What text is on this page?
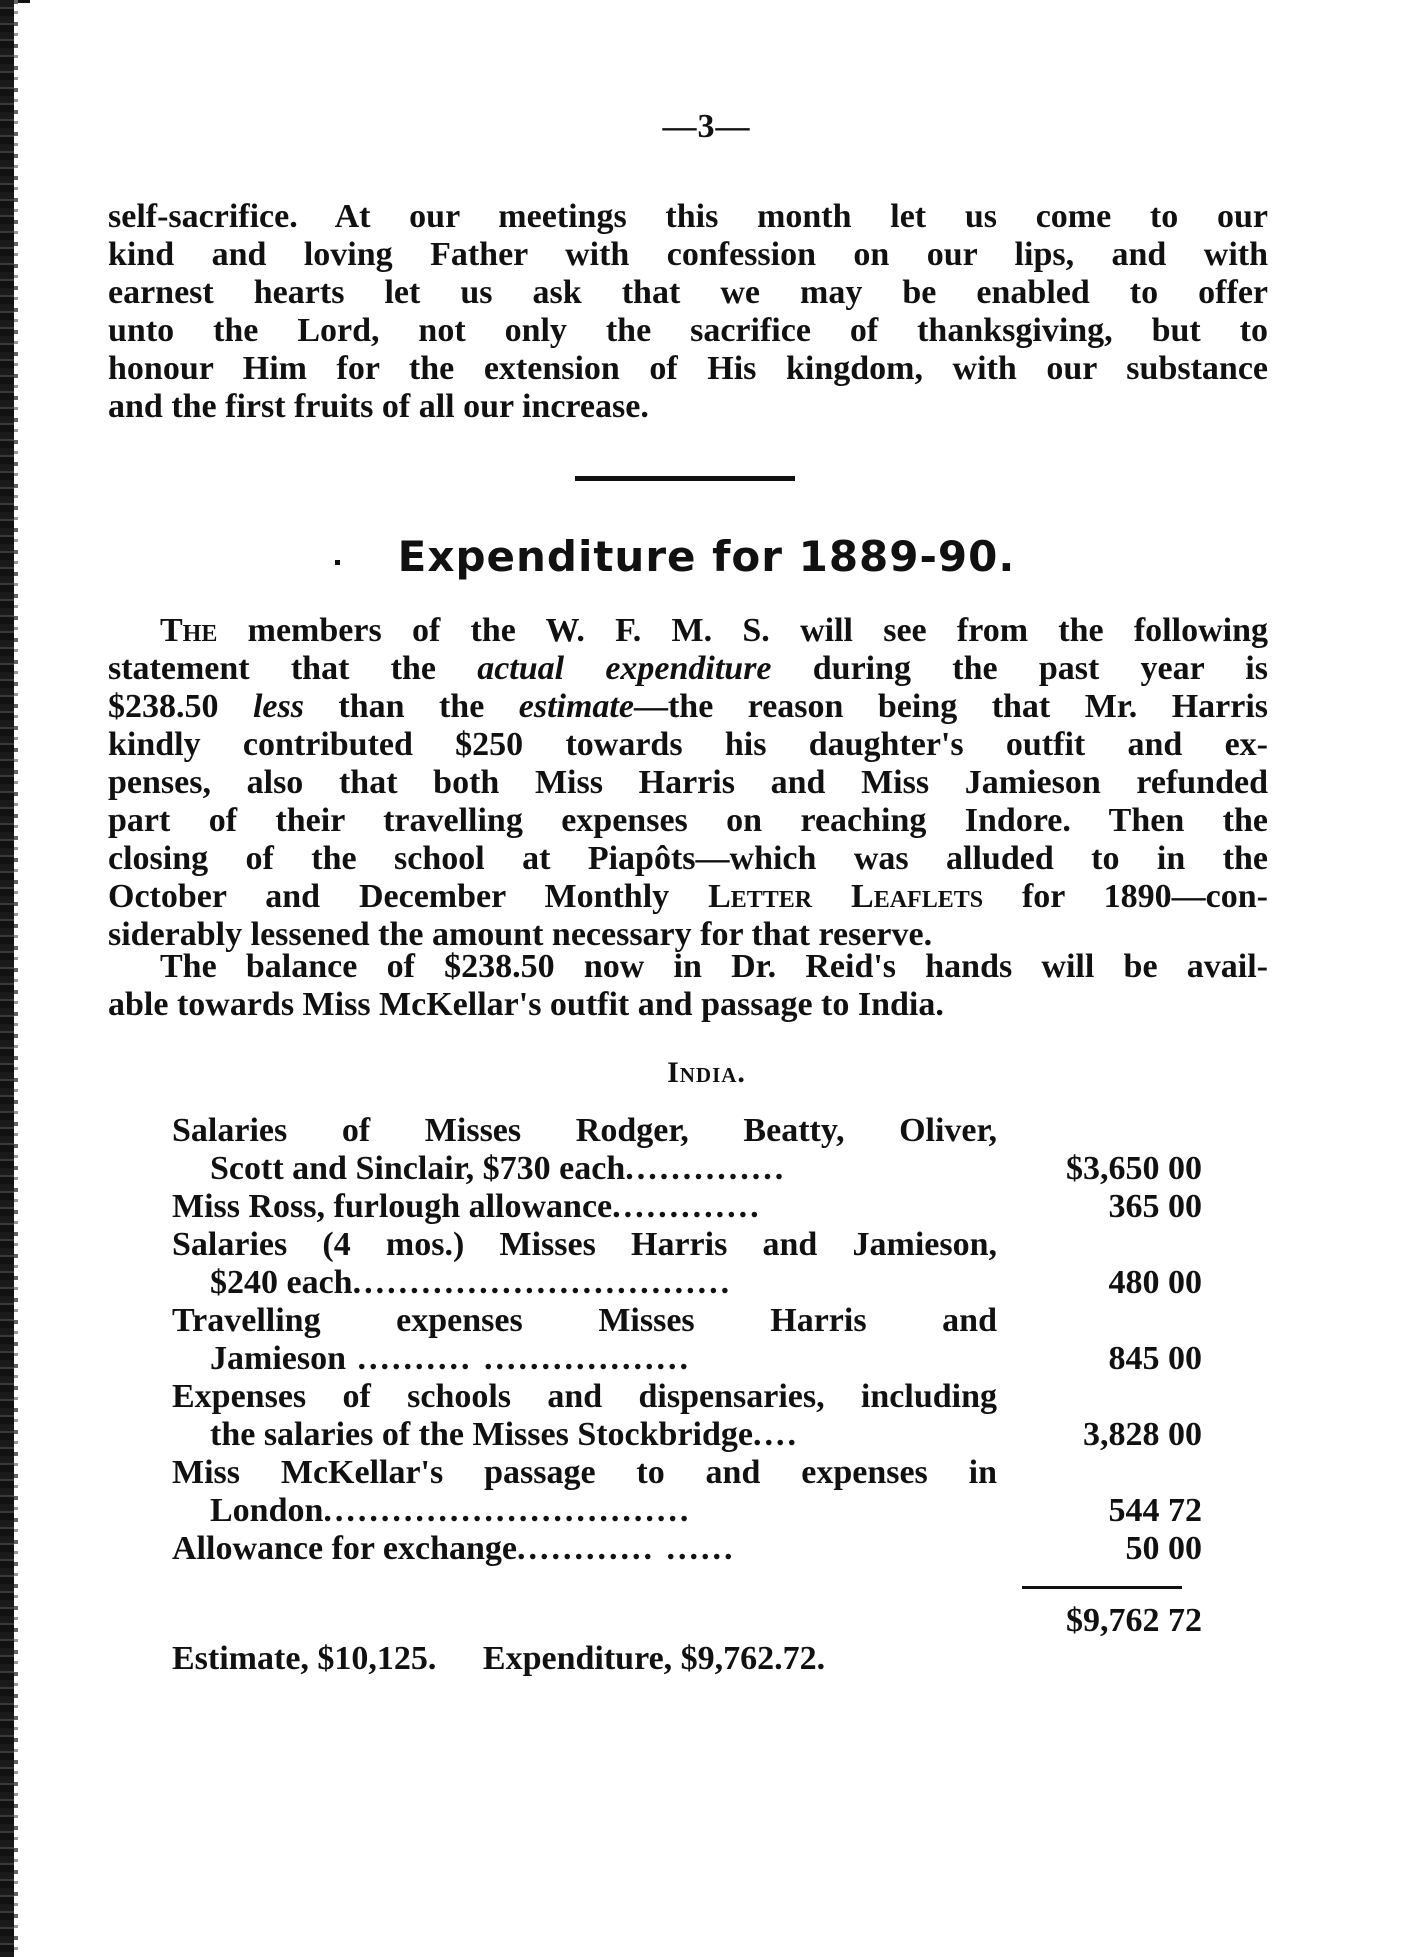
—3—
self-sacrifice. At our meetings this month let us come to our
kind and loving Father with confession on our lips, and with
earnest hearts let us ask that we may be enabled to offer
unto the Lord, not only the sacrifice of thanksgiving, but to
honour Him for the extension of His kingdom, with our substance
and the first fruits of all our increase.
Expenditure for 1889-90.
The members of the W. F. M. S. will see from the following
statement that the actual expenditure during the past year is
$238.50 less than the estimate—the reason being that Mr. Harris
kindly contributed $250 towards his daughter's outfit and ex-
penses, also that both Miss Harris and Miss Jamieson refunded
part of their travelling expenses on reaching Indore. Then the
closing of the school at Piapôts—which was alluded to in the
October and December Monthly Letter Leaflets for 1890—con-
siderably lessened the amount necessary for that reserve.
The balance of $238.50 now in Dr. Reid's hands will be avail-
able towards Miss McKellar's outfit and passage to India.
India.
Salaries of Misses Rodger, Beatty, Oliver,
Scott and Sinclair, $730 each..............	$3,650 00
Miss Ross, furlough allowance.............	365 00
Salaries (4 mos.) Misses Harris and Jamieson,
$240 each.................................	480 00
Travelling expenses Misses Harris and
Jamieson .......... ..................	845 00
Expenses of schools and dispensaries, including
the salaries of the Misses Stockbridge....	3,828 00
Miss McKellar's passage to and expenses in
London................................	544 72
Allowance for exchange............ ......	50 00
$9,762 72
Estimate, $10,125. Expenditure, $9,762.72.
